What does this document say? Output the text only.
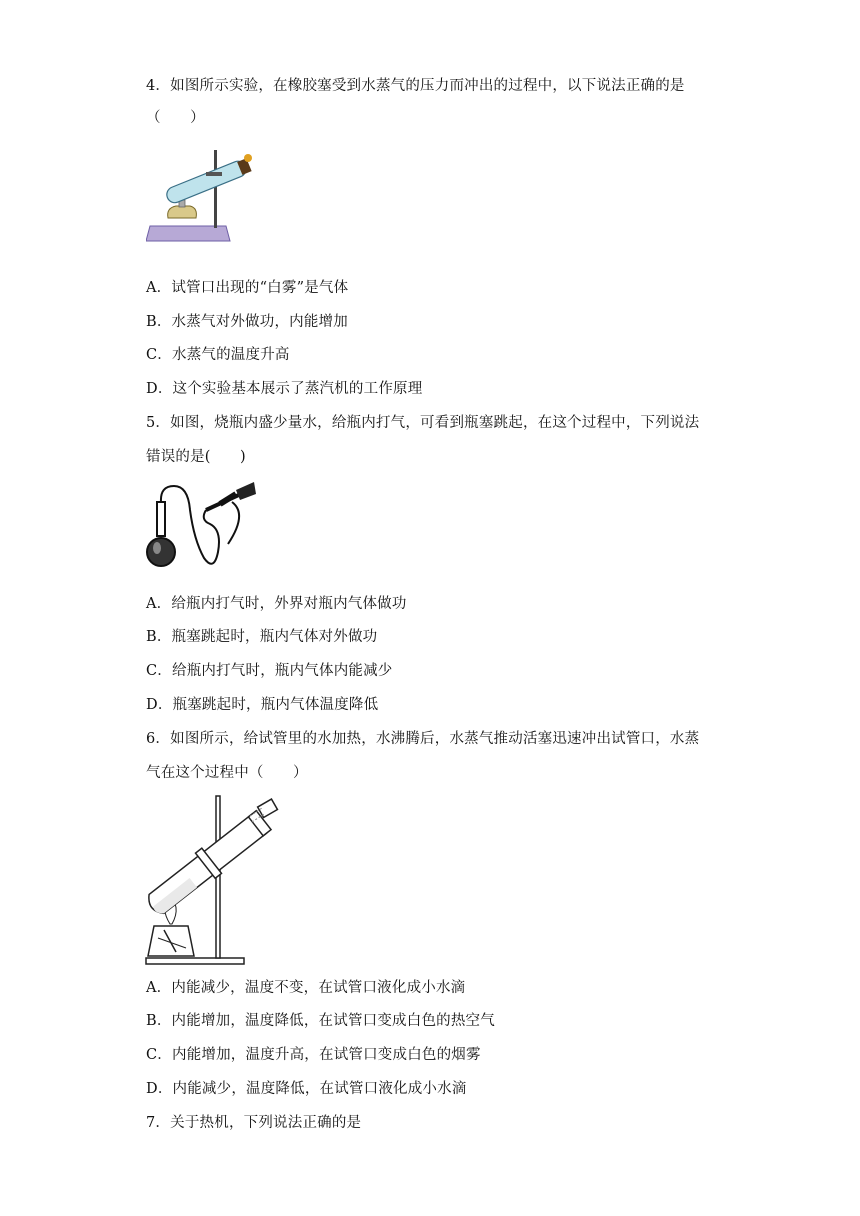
4．如图所示实验，在橡胶塞受到水蒸气的压力而冲出的过程中，以下说法正确的是
（　　）
A．试管口出现的“白雾”是气体
B．水蒸气对外做功，内能增加
C．水蒸气的温度升高
D．这个实验基本展示了蒸汽机的工作原理
5．如图，烧瓶内盛少量水，给瓶内打气，可看到瓶塞跳起，在这个过程中，下列说法
错误的是(　　)
A．给瓶内打气时，外界对瓶内气体做功
B．瓶塞跳起时，瓶内气体对外做功
C．给瓶内打气时，瓶内气体内能减少
D．瓶塞跳起时，瓶内气体温度降低
6．如图所示，给试管里的水加热，水沸腾后，水蒸气推动活塞迅速冲出试管口，水蒸
气在这个过程中（　　）
A．内能减少，温度不变，在试管口液化成小水滴
B．内能增加，温度降低，在试管口变成白色的热空气
C．内能增加，温度升高，在试管口变成白色的烟雾
D．内能减少，温度降低，在试管口液化成小水滴
7．关于热机，下列说法正确的是
